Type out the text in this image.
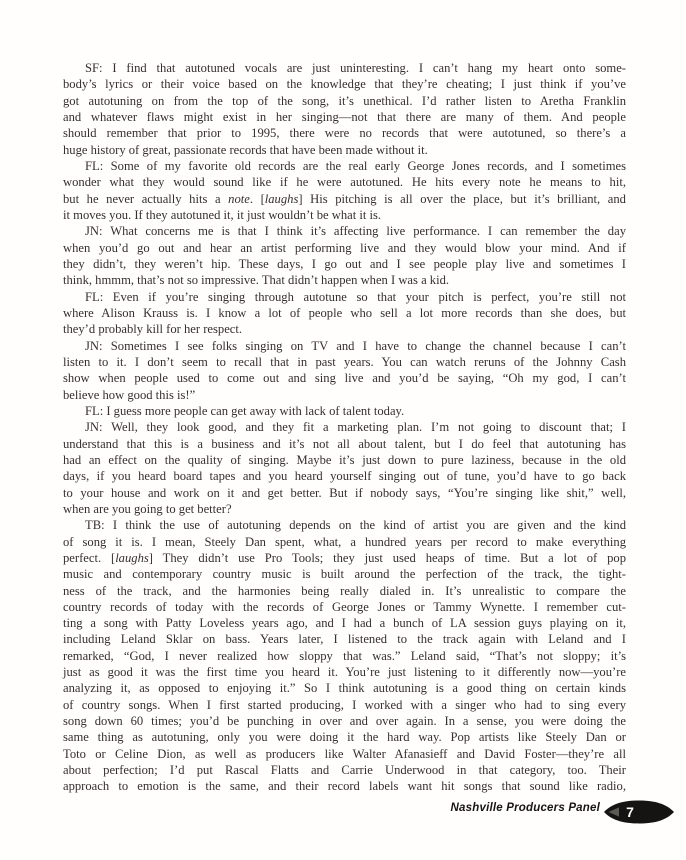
SF: I find that autotuned vocals are just uninteresting. I can’t hang my heart onto some-
body’s lyrics or their voice based on the knowledge that they’re cheating; I just think if you’ve
got autotuning on from the top of the song, it’s unethical. I’d rather listen to Aretha Franklin
and whatever flaws might exist in her singing—not that there are many of them. And people
should remember that prior to 1995, there were no records that were autotuned, so there’s a
huge history of great, passionate records that have been made without it.
FL: Some of my favorite old records are the real early George Jones records, and I sometimes
wonder what they would sound like if he were autotuned. He hits every note he means to hit,
but he never actually hits a note. [laughs] His pitching is all over the place, but it’s brilliant, and
it moves you. If they autotuned it, it just wouldn’t be what it is.
JN: What concerns me is that I think it’s affecting live performance. I can remember the day
when you’d go out and hear an artist performing live and they would blow your mind. And if
they didn’t, they weren’t hip. These days, I go out and I see people play live and sometimes I
think, hmmm, that’s not so impressive. That didn’t happen when I was a kid.
FL: Even if you’re singing through autotune so that your pitch is perfect, you’re still not
where Alison Krauss is. I know a lot of people who sell a lot more records than she does, but
they’d probably kill for her respect.
JN: Sometimes I see folks singing on TV and I have to change the channel because I can’t
listen to it. I don’t seem to recall that in past years. You can watch reruns of the Johnny Cash
show when people used to come out and sing live and you’d be saying, “Oh my god, I can’t
believe how good this is!”
FL: I guess more people can get away with lack of talent today.
JN: Well, they look good, and they fit a marketing plan. I’m not going to discount that; I
understand that this is a business and it’s not all about talent, but I do feel that autotuning has
had an effect on the quality of singing. Maybe it’s just down to pure laziness, because in the old
days, if you heard board tapes and you heard yourself singing out of tune, you’d have to go back
to your house and work on it and get better. But if nobody says, “You’re singing like shit,” well,
when are you going to get better?
TB: I think the use of autotuning depends on the kind of artist you are given and the kind
of song it is. I mean, Steely Dan spent, what, a hundred years per record to make everything
perfect. [laughs] They didn’t use Pro Tools; they just used heaps of time. But a lot of pop
music and contemporary country music is built around the perfection of the track, the tight-
ness of the track, and the harmonies being really dialed in. It’s unrealistic to compare the
country records of today with the records of George Jones or Tammy Wynette. I remember cut-
ting a song with Patty Loveless years ago, and I had a bunch of LA session guys playing on it,
including Leland Sklar on bass. Years later, I listened to the track again with Leland and I
remarked, “God, I never realized how sloppy that was.” Leland said, “That’s not sloppy; it’s
just as good it was the first time you heard it. You’re just listening to it differently now—you’re
analyzing it, as opposed to enjoying it.” So I think autotuning is a good thing on certain kinds
of country songs. When I first started producing, I worked with a singer who had to sing every
song down 60 times; you’d be punching in over and over again. In a sense, you were doing the
same thing as autotuning, only you were doing it the hard way. Pop artists like Steely Dan or
Toto or Celine Dion, as well as producers like Walter Afanasieff and David Foster—they’re all
about perfection; I’d put Rascal Flatts and Carrie Underwood in that category, too. Their
approach to emotion is the same, and their record labels want hit songs that sound like radio,
Nashville Producers Panel 7
